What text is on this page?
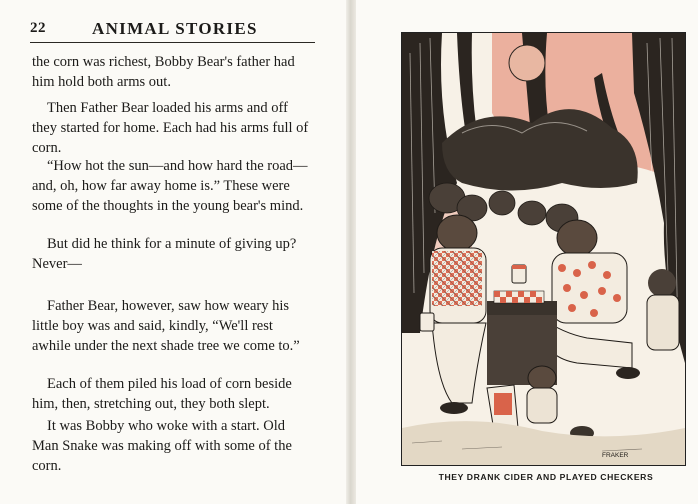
22	ANIMAL STORIES

the corn was richest, Bobby Bear's father had him hold both arms out.

Then Father Bear loaded his arms and off they started for home. Each had his arms full of corn.

“How hot the sun—and how hard the road—and, oh, how far away home is.” These were some of the thoughts in the young bear's mind.

But did he think for a minute of giving up? Never—

Father Bear, however, saw how weary his little boy was and said, kindly, “We'll rest awhile under the next shade tree we come to.”

Each of them piled his load of corn beside him, then, stretching out, they both slept.

It was Bobby who woke with a start. Old Man Snake was making off with some of the corn.

FRAKER
THEY DRANK CIDER AND PLAYED CHECKERS
